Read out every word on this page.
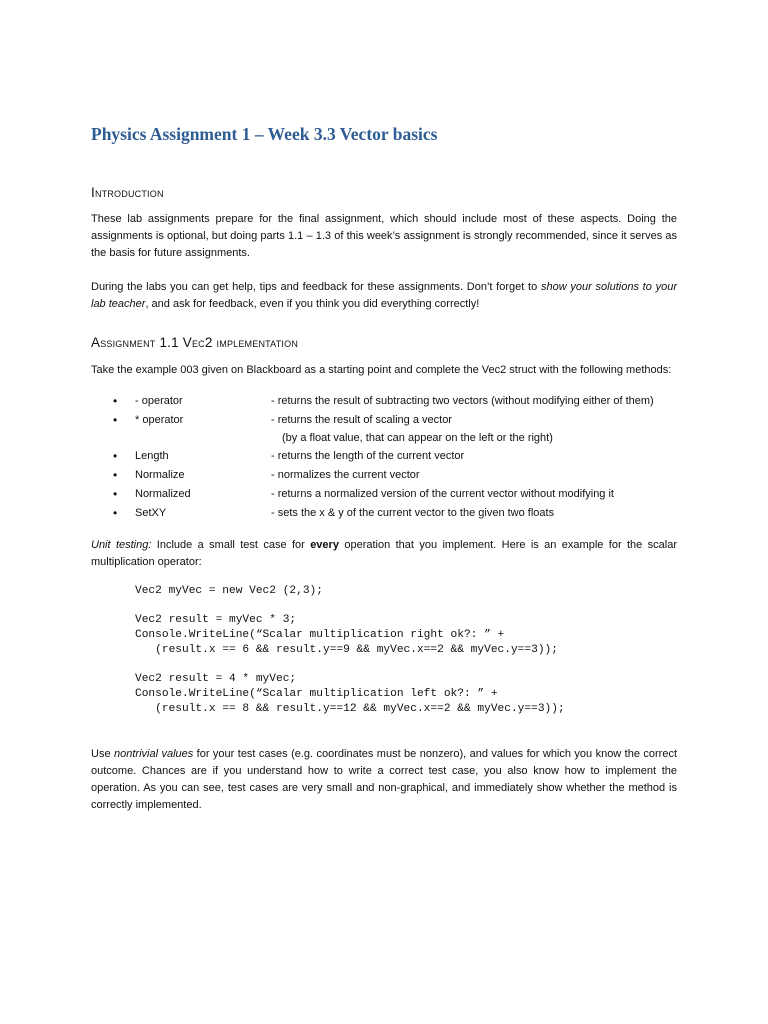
Physics Assignment 1 – Week 3.3 Vector basics
Introduction

These lab assignments prepare for the final assignment, which should include most of these aspects. Doing the assignments is optional, but doing parts 1.1 – 1.3 of this week’s assignment is strongly recommended, since it serves as the basis for future assignments.

During the labs you can get help, tips and feedback for these assignments. Don’t forget to show your solutions to your lab teacher, and ask for feedback, even if you think you did everything correctly!

Assignment 1.1 Vec2 implementation

Take the example 003 given on Blackboard as a starting point and complete the Vec2 struct with the following methods:

• - operator	- returns the result of subtracting two vectors (without modifying either of them)
• * operator	- returns the result of scaling a vector
(by a float value, that can appear on the left or the right)
• Length	- returns the length of the current vector
• Normalize	- normalizes the current vector
• Normalized	- returns a normalized version of the current vector without modifying it
• SetXY	- sets the x & y of the current vector to the given two floats

Unit testing: Include a small test case for every operation that you implement. Here is an example for the scalar multiplication operator:

Vec2 myVec = new Vec2 (2,3);

Vec2 result = myVec * 3;
Console.WriteLine(“Scalar multiplication right ok?: ” +
(result.x == 6 && result.y==9 && myVec.x==2 && myVec.y==3));

Vec2 result = 4 * myVec;
Console.WriteLine(“Scalar multiplication left ok?: ” +
(result.x == 8 && result.y==12 && myVec.x==2 && myVec.y==3));

Use nontrivial values for your test cases (e.g. coordinates must be nonzero), and values for which you know the correct outcome. Chances are if you understand how to write a correct test case, you also know how to implement the operation. As you can see, test cases are very small and non-graphical, and immediately show whether the method is correctly implemented.
